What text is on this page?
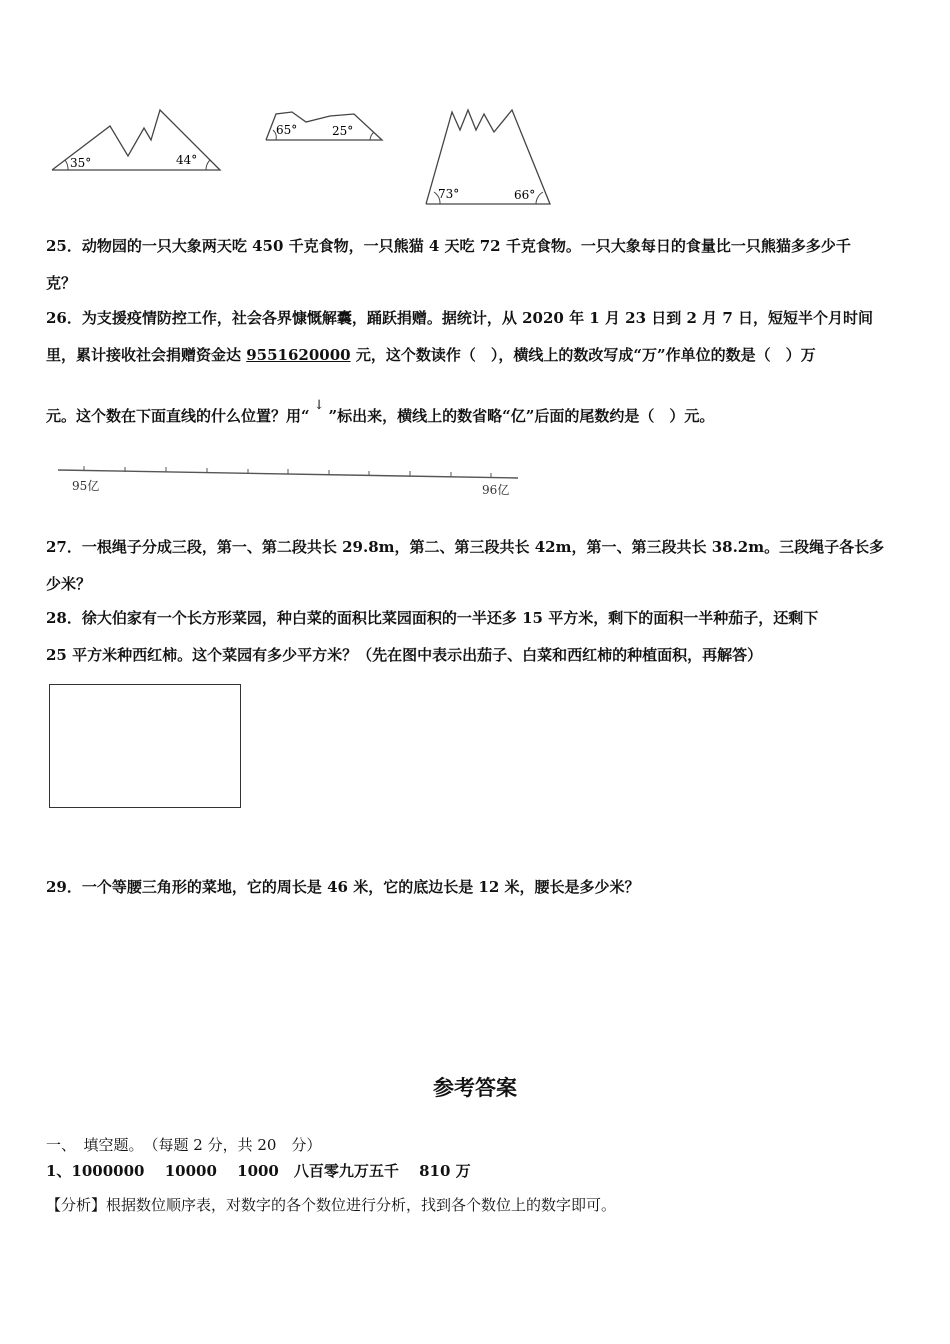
35°	44°
65°	25°
73°	66°
25．动物园的一只大象两天吃 450 千克食物，一只熊猫 4 天吃 72 千克食物。一只大象每日的食量比一只熊猫多多少千
克？
26．为支援疫情防控工作，社会各界慷慨解囊，踊跃捐赠。据统计，从 2020 年 1 月 23 日到 2 月 7 日，短短半个月时间
里，累计接收社会捐赠资金达 9551620000 元，这个数读作（　），横线上的数改写成“万”作单位的数是（　）万
元。这个数在下面直线的什么位置？用“↓”标出来，横线上的数省略“亿”后面的尾数约是（　）元。
95亿	96亿
27．一根绳子分成三段，第一、第二段共长 29.8m，第二、第三段共长 42m，第一、第三段共长 38.2m。三段绳子各长多
少米？
28．徐大伯家有一个长方形菜园，种白菜的面积比菜园面积的一半还多 15 平方米，剩下的面积一半种茄子，还剩下
25 平方米种西红柿。这个菜园有多少平方米？（先在图中表示出茄子、白菜和西红柿的种植面积，再解答）
29．一个等腰三角形的菜地，它的周长是 46 米，它的底边长是 12 米，腰长是多少米？
参考答案
一、　填空题。　（每题 2 分，共 20　分）
1、1000000　 10000　 1000　八百零九万五千　 810 万
【分析】根据数位顺序表，对数字的各个数位进行分析，找到各个数位上的数字即可。
